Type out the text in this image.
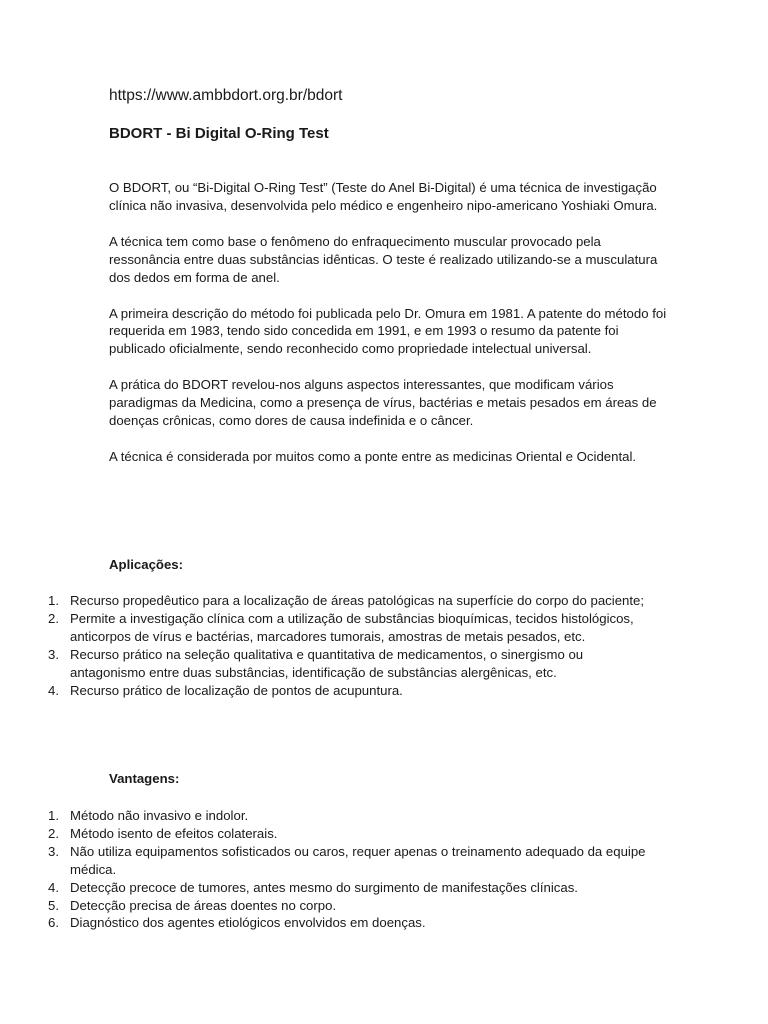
https://www.ambbdort.org.br/bdort
BDORT - Bi Digital O-Ring Test

O BDORT, ou “Bi-Digital O-Ring Test” (Teste do Anel Bi-Digital) é uma técnica de investigação clínica não invasiva, desenvolvida pelo médico e engenheiro nipo-americano Yoshiaki Omura.

A técnica tem como base o fenômeno do enfraquecimento muscular provocado pela ressonância entre duas substâncias idênticas. O teste é realizado utilizando-se a musculatura dos dedos em forma de anel.

A primeira descrição do método foi publicada pelo Dr. Omura em 1981. A patente do método foi requerida em 1983, tendo sido concedida em 1991, e em 1993 o resumo da patente foi publicado oficialmente, sendo reconhecido como propriedade intelectual universal.

A prática do BDORT revelou-nos alguns aspectos interessantes, que modificam vários paradigmas da Medicina, como a presença de vírus, bactérias e metais pesados em áreas de doenças crônicas, como dores de causa indefinida e o câncer.

A técnica é considerada por muitos como a ponte entre as medicinas Oriental e Ocidental.

Aplicações:
1. Recurso propedêutico para a localização de áreas patológicas na superfície do corpo do paciente;
2. Permite a investigação clínica com a utilização de substâncias bioquímicas, tecidos histológicos, anticorpos de vírus e bactérias, marcadores tumorais, amostras de metais pesados, etc.
3. Recurso prático na seleção qualitativa e quantitativa de medicamentos, o sinergismo ou antagonismo entre duas substâncias, identificação de substâncias alergênicas, etc.
4. Recurso prático de localização de pontos de acupuntura.
Vantagens:
1. Método não invasivo e indolor.
2. Método isento de efeitos colaterais.
3. Não utiliza equipamentos sofisticados ou caros, requer apenas o treinamento adequado da equipe médica.
4. Detecção precoce de tumores, antes mesmo do surgimento de manifestações clínicas.
5. Detecção precisa de áreas doentes no corpo.
6. Diagnóstico dos agentes etiológicos envolvidos em doenças.
